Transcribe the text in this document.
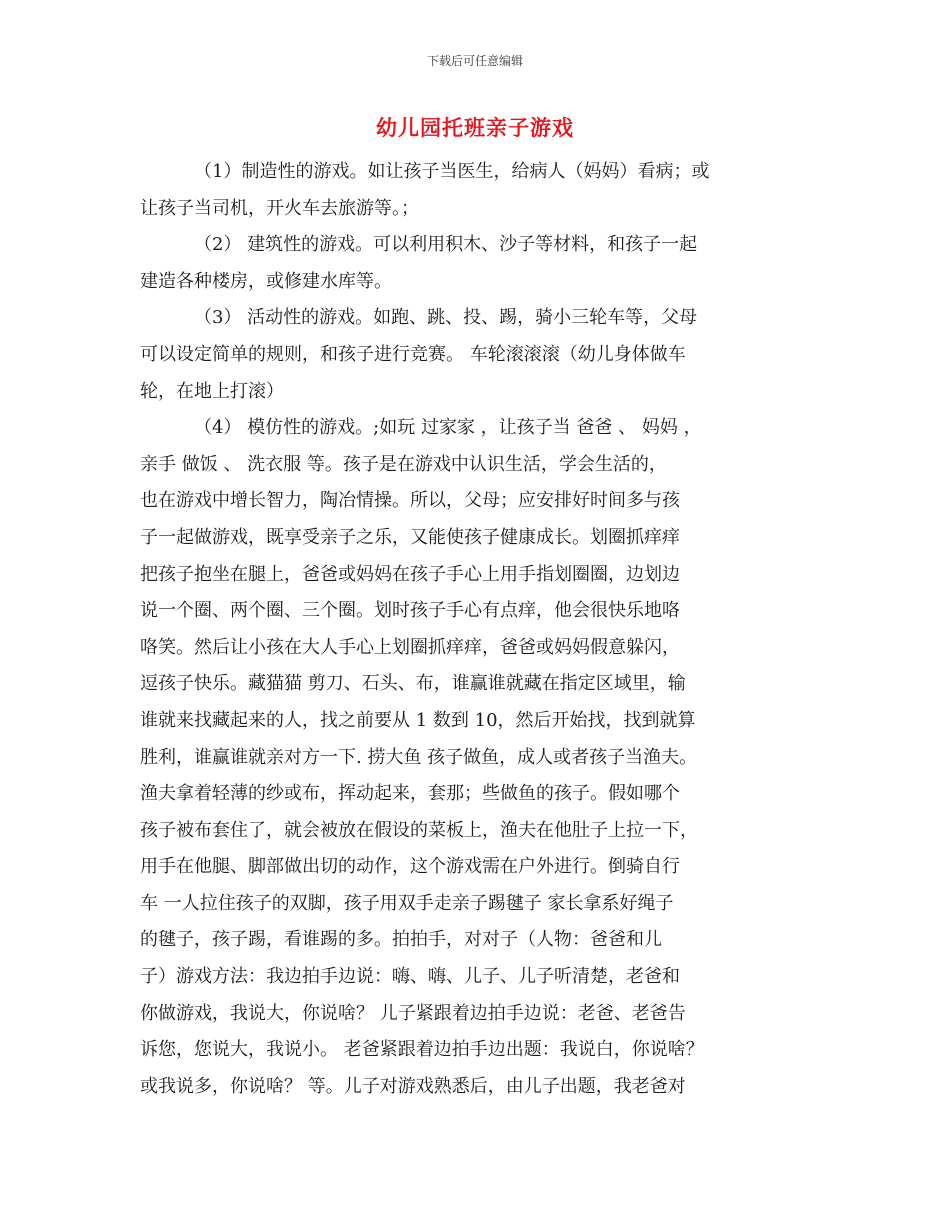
下载后可任意编辑
幼儿园托班亲子游戏
（1）制造性的游戏。如让孩子当医生，给病人（妈妈）看病；或
让孩子当司机，开火车去旅游等。；
（2） 建筑性的游戏。可以利用积木、沙子等材料，和孩子一起
建造各种楼房，或修建水库等。
（3） 活动性的游戏。如跑、跳、投、踢，骑小三轮车等，父母
可以设定简单的规则，和孩子进行竞赛。 车轮滚滚滚（幼儿身体做车
轮，在地上打滚）
（4） 模仿性的游戏。;如玩 过家家 ，让孩子当 爸爸 、 妈妈 ，
亲手 做饭 、 洗衣服 等。孩子是在游戏中认识生活，学会生活的，
也在游戏中增长智力，陶冶情操。所以，父母；应安排好时间多与孩
子一起做游戏，既享受亲子之乐，又能使孩子健康成长。划圈抓痒痒
把孩子抱坐在腿上，爸爸或妈妈在孩子手心上用手指划圈圈，边划边
说一个圈、两个圈、三个圈。划时孩子手心有点痒，他会很快乐地咯
咯笑。然后让小孩在大人手心上划圈抓痒痒，爸爸或妈妈假意躲闪，
逗孩子快乐。藏猫猫 剪刀、石头、布，谁赢谁就藏在指定区域里，输
谁就来找藏起来的人，找之前要从 1 数到 10，然后开始找，找到就算
胜利，谁赢谁就亲对方一下. 捞大鱼 孩子做鱼，成人或者孩子当渔夫。
渔夫拿着轻薄的纱或布，挥动起来，套那；些做鱼的孩子。假如哪个
孩子被布套住了，就会被放在假设的菜板上，渔夫在他肚子上拉一下，
用手在他腿、脚部做出切的动作，这个游戏需在户外进行。倒骑自行
车 一人拉住孩子的双脚，孩子用双手走亲子踢毽子 家长拿系好绳子
的毽子，孩子踢，看谁踢的多。拍拍手，对对子（人物：爸爸和儿
子）游戏方法：我边拍手边说：嗨、嗨、儿子、儿子听清楚，老爸和
你做游戏，我说大，你说啥？ 儿子紧跟着边拍手边说：老爸、老爸告
诉您，您说大，我说小。 老爸紧跟着边拍手边出题：我说白，你说啥？
或我说多，你说啥？ 等。儿子对游戏熟悉后，由儿子出题，我老爸对
